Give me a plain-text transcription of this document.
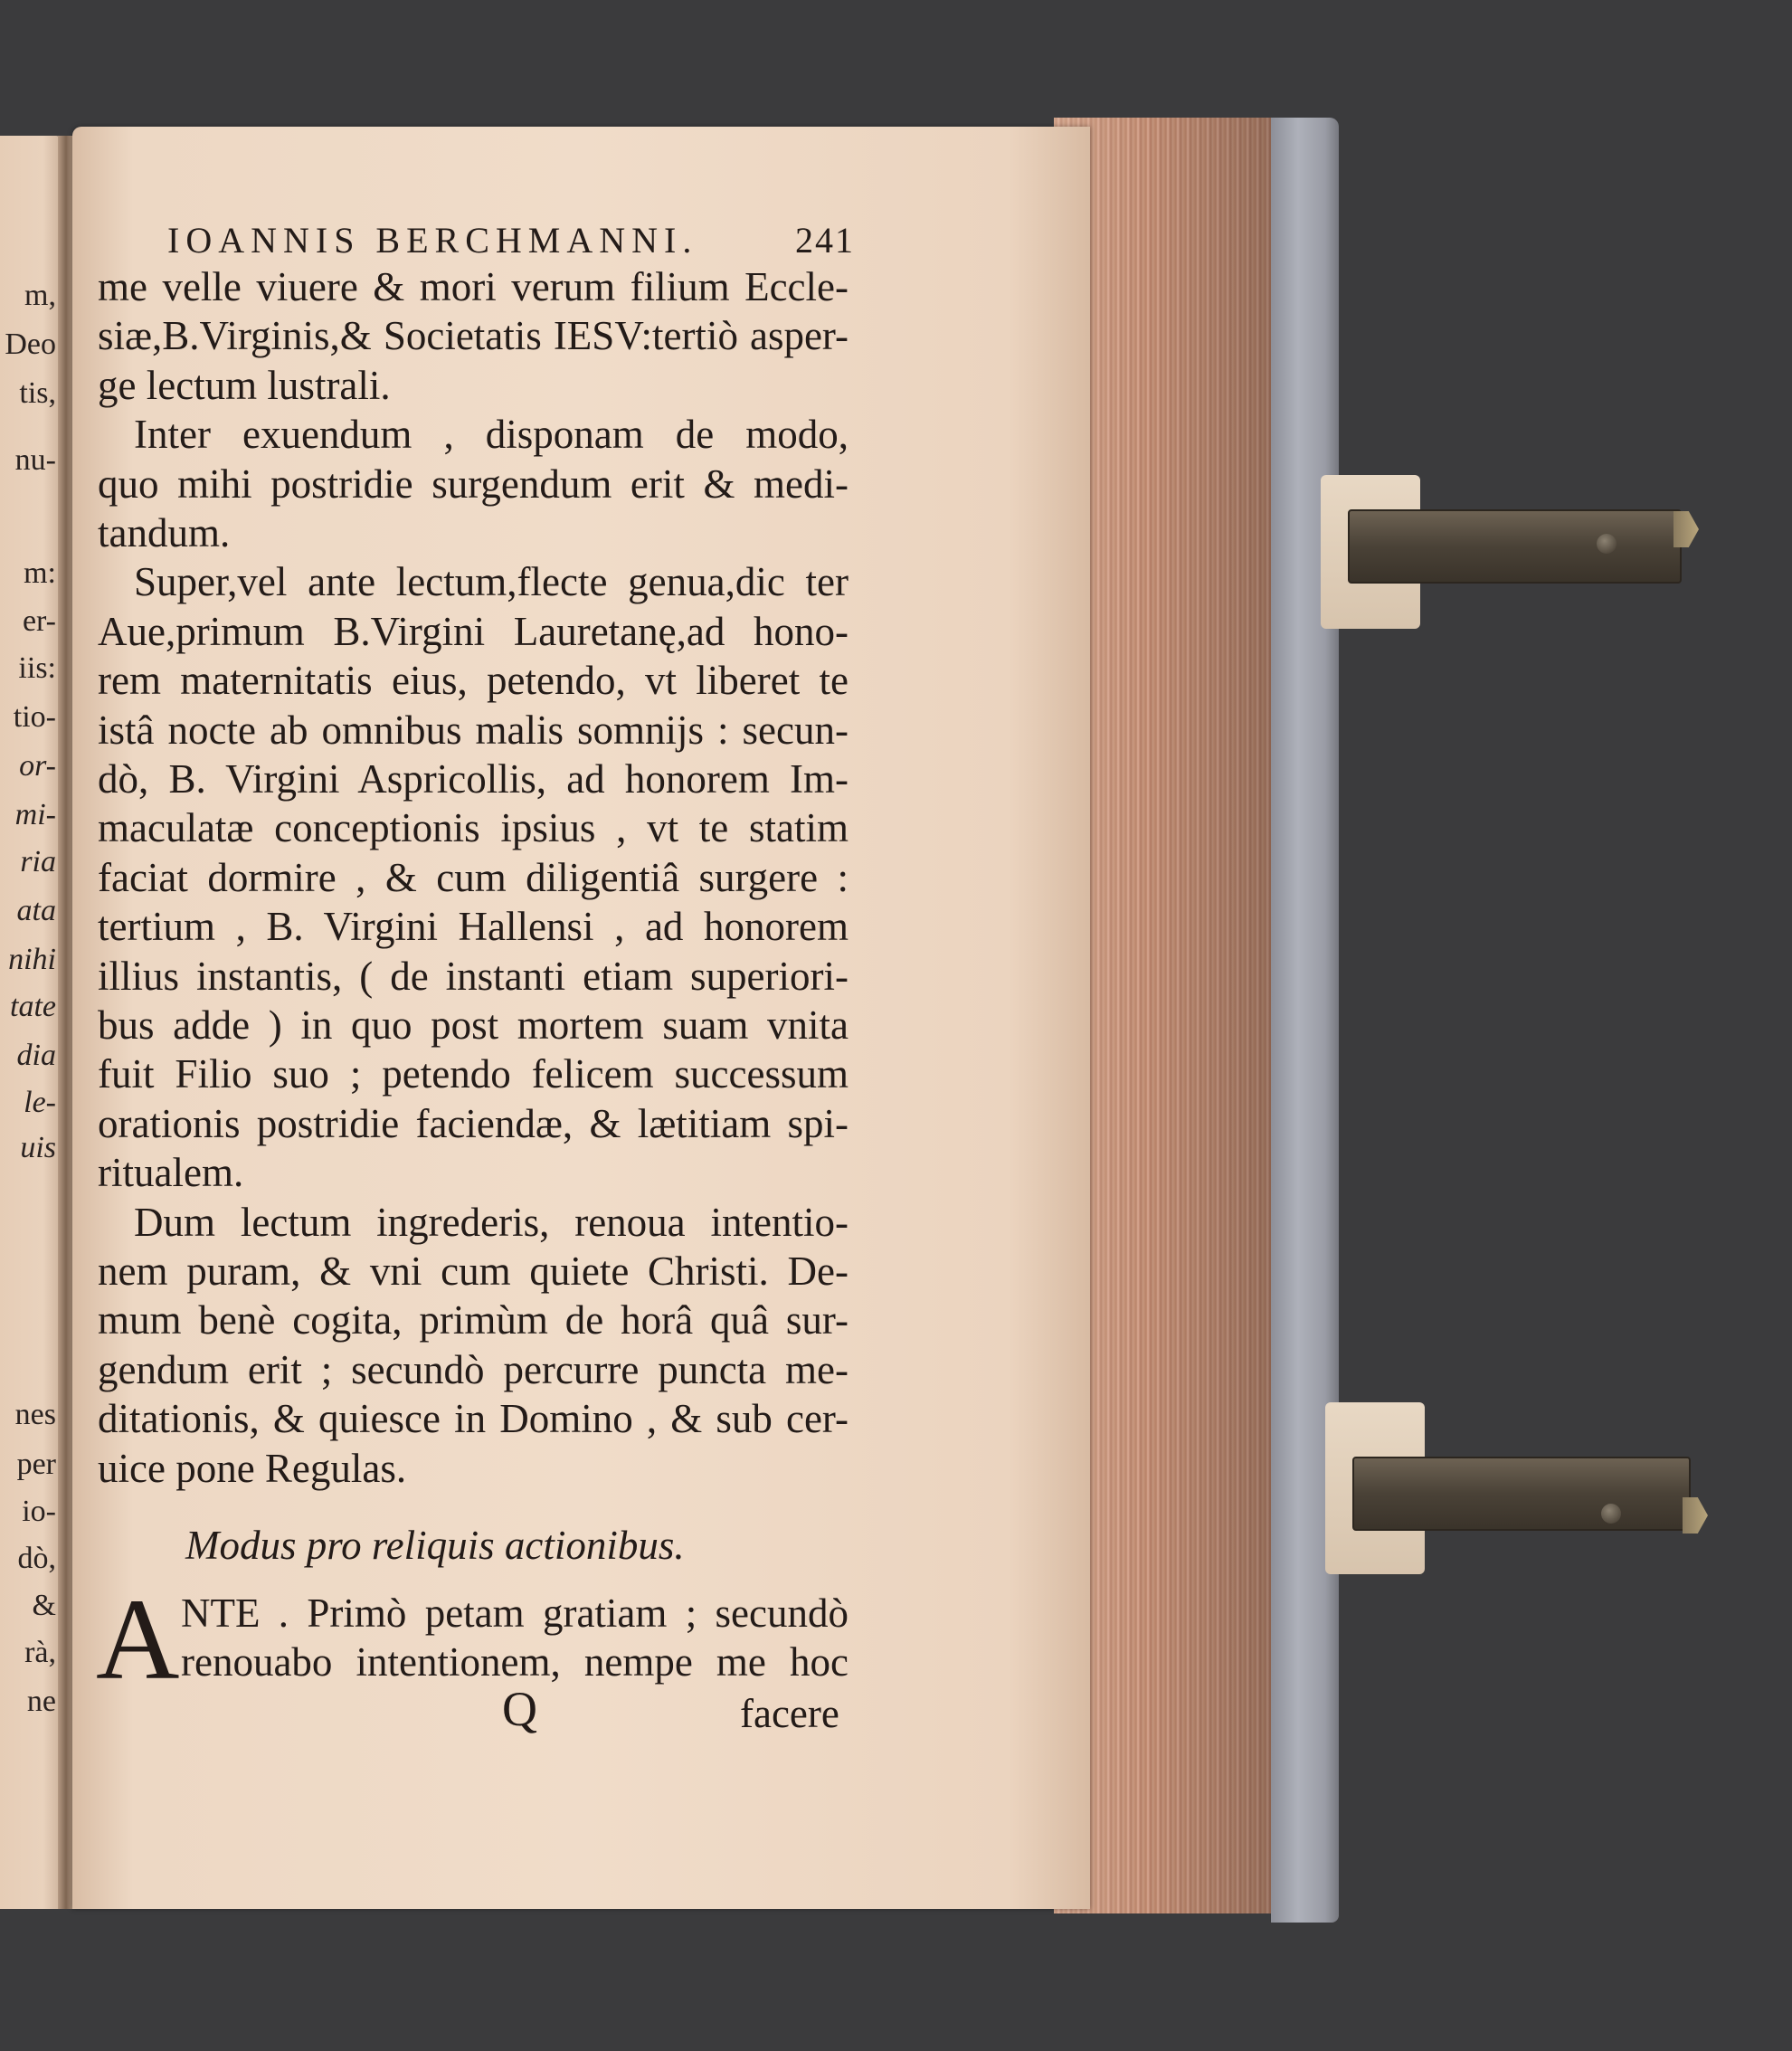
m,
Deo
tis,
nu-
m:
er-
iis:
tio-
or-
mi-
ria
ata
nihi
tate
dia
le-
uis
nes
per
io-
dò,
&
rà,
ne
IOANNIS BERCHMANNI.	241
me velle viuere & mori verum filium Eccle-
siæ,B.Virginis,& Societatis IESV:tertiò asper-
ge lectum lustrali.
Inter exuendum , disponam de modo,
quo mihi postridie surgendum erit & medi-
tandum.
Super,vel ante lectum,flecte genua,dic ter
Aue,primum B.Virgini Lauretanę,ad hono-
rem maternitatis eius, petendo, vt liberet te
istâ nocte ab omnibus malis somnijs : secun-
dò, B. Virgini Aspricollis, ad honorem Im-
maculatæ conceptionis ipsius , vt te statim
faciat dormire , & cum diligentiâ surgere :
tertium , B. Virgini Hallensi , ad honorem
illius instantis, ( de instanti etiam superiori-
bus adde ) in quo post mortem suam vnita
fuit Filio suo ; petendo felicem successum
orationis postridie faciendæ, & lætitiam spi-
ritualem.
Dum lectum ingrederis, renoua intentio-
nem puram, & vni cum quiete Christi. De-
mum benè cogita, primùm de horâ quâ sur-
gendum erit ; secundò percurre puncta me-
ditationis, & quiesce in Domino , & sub cer-
uice pone Regulas.
Modus pro reliquis actionibus.
A NTE . Primò petam gratiam ; secundò
renouabo intentionem, nempe me hoc
Q	facere
